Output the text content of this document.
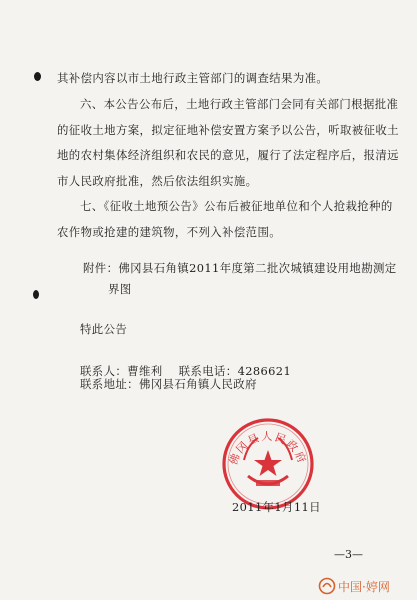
其补偿内容以市土地行政主管部门的调查结果为准。
六、本公告公布后，土地行政主管部门会同有关部门根据批准
的征收土地方案，拟定征地补偿安置方案予以公告，听取被征收土
地的农村集体经济组织和农民的意见，履行了法定程序后，报清远
市人民政府批准，然后依法组织实施。
七、《征收土地预公告》公布后被征地单位和个人抢栽抢种的
农作物或抢建的建筑物，不列入补偿范围。
附件：佛冈县石角镇2011年度第二批次城镇建设用地勘测定
界图
特此公告
联系人：曹维利    联系电话：4286621
联系地址：佛冈县石角镇人民政府
佛冈县人民政府
2011年1月11日
—3—
中国·婷网
